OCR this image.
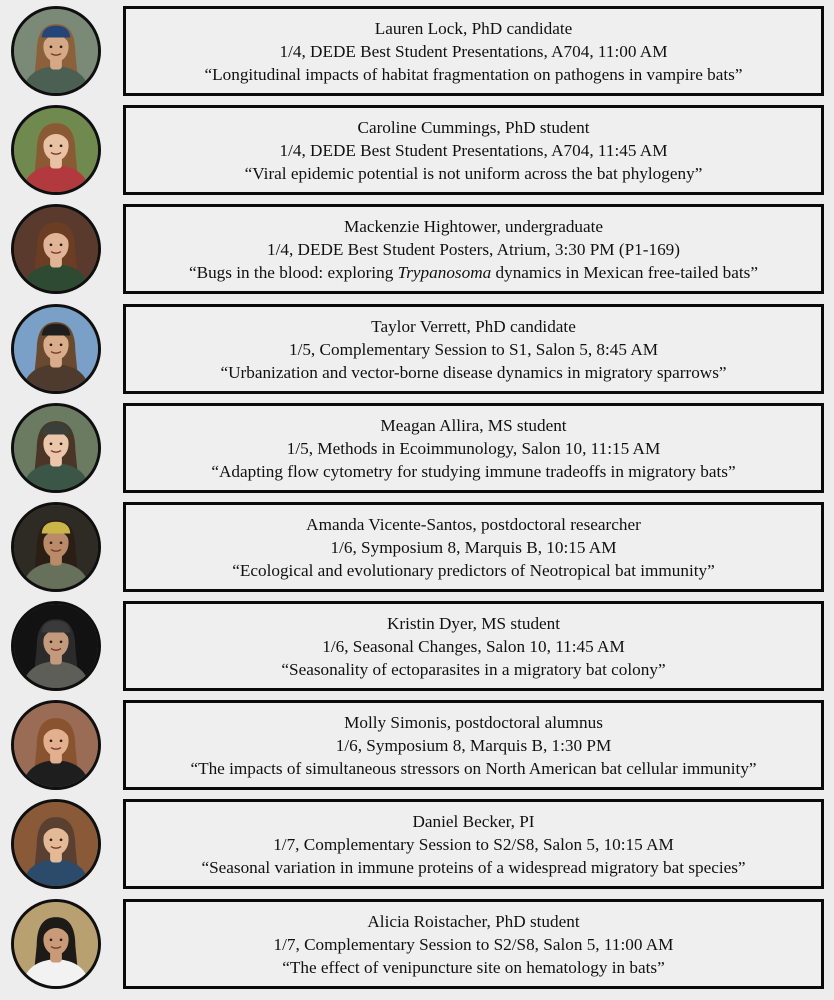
Lauren Lock, PhD candidate
1/4, DEDE Best Student Presentations, A704, 11:00 AM
“Longitudinal impacts of habitat fragmentation on pathogens in vampire bats”
Caroline Cummings, PhD student
1/4, DEDE Best Student Presentations, A704, 11:45 AM
“Viral epidemic potential is not uniform across the bat phylogeny”
Mackenzie Hightower, undergraduate
1/4, DEDE Best Student Posters, Atrium, 3:30 PM (P1-169)
“Bugs in the blood: exploring Trypanosoma dynamics in Mexican free-tailed bats”
Taylor Verrett, PhD candidate
1/5, Complementary Session to S1, Salon 5, 8:45 AM
“Urbanization and vector-borne disease dynamics in migratory sparrows”
Meagan Allira, MS student
1/5, Methods in Ecoimmunology, Salon 10, 11:15 AM
“Adapting flow cytometry for studying immune tradeoffs in migratory bats”
Amanda Vicente-Santos, postdoctoral researcher
1/6, Symposium 8, Marquis B, 10:15 AM
“Ecological and evolutionary predictors of Neotropical bat immunity”
Kristin Dyer, MS student
1/6, Seasonal Changes, Salon 10, 11:45 AM
“Seasonality of ectoparasites in a migratory bat colony”
Molly Simonis, postdoctoral alumnus
1/6, Symposium 8, Marquis B, 1:30 PM
“The impacts of simultaneous stressors on North American bat cellular immunity”
Daniel Becker, PI
1/7, Complementary Session to S2/S8, Salon 5, 10:15 AM
“Seasonal variation in immune proteins of a widespread migratory bat species”
Alicia Roistacher, PhD student
1/7, Complementary Session to S2/S8, Salon 5, 11:00 AM
“The effect of venipuncture site on hematology in bats”
